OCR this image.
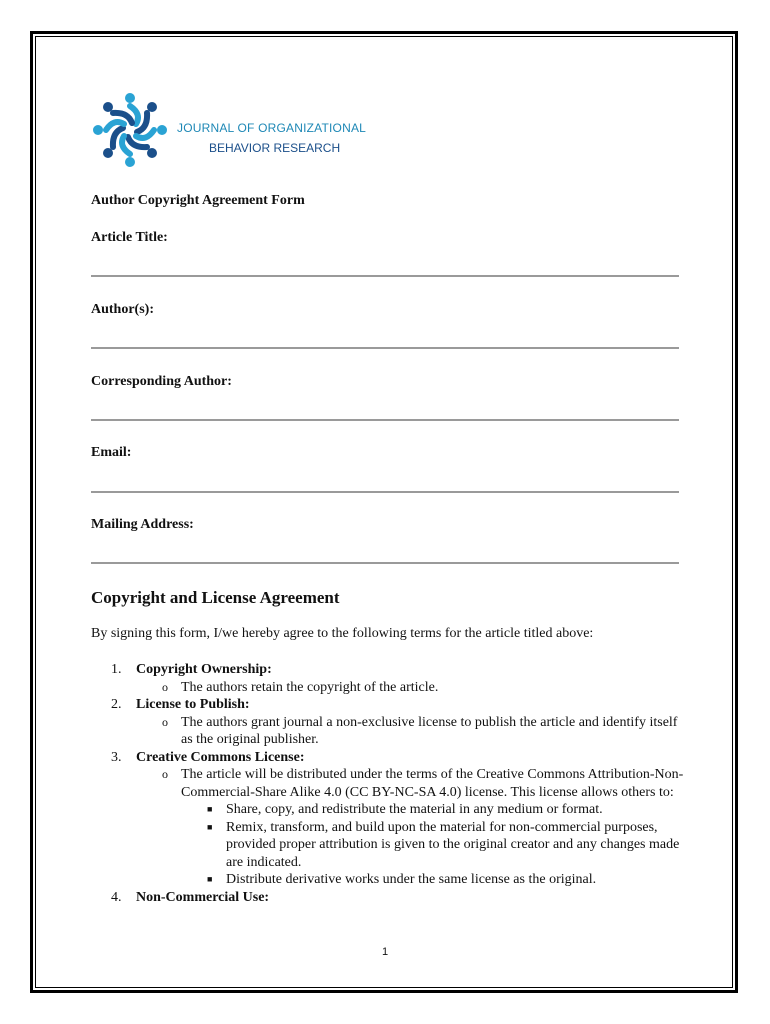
JOURNAL OF ORGANIZATIONAL
BEHAVIOR RESEARCH
Author Copyright Agreement Form
Article Title:
Author(s):
Corresponding Author:
Email:
Mailing Address:
Copyright and License Agreement
By signing this form, I/we hereby agree to the following terms for the article titled above:
1. Copyright Ownership:
o The authors retain the copyright of the article.
2. License to Publish:
o The authors grant journal a non-exclusive license to publish the article and identify itself as the original publisher.
3. Creative Commons License:
o The article will be distributed under the terms of the Creative Commons Attribution-Non-Commercial-Share Alike 4.0 (CC BY-NC-SA 4.0) license. This license allows others to:
■ Share, copy, and redistribute the material in any medium or format.
■ Remix, transform, and build upon the material for non-commercial purposes, provided proper attribution is given to the original creator and any changes made are indicated.
■ Distribute derivative works under the same license as the original.
4. Non-Commercial Use:
1
